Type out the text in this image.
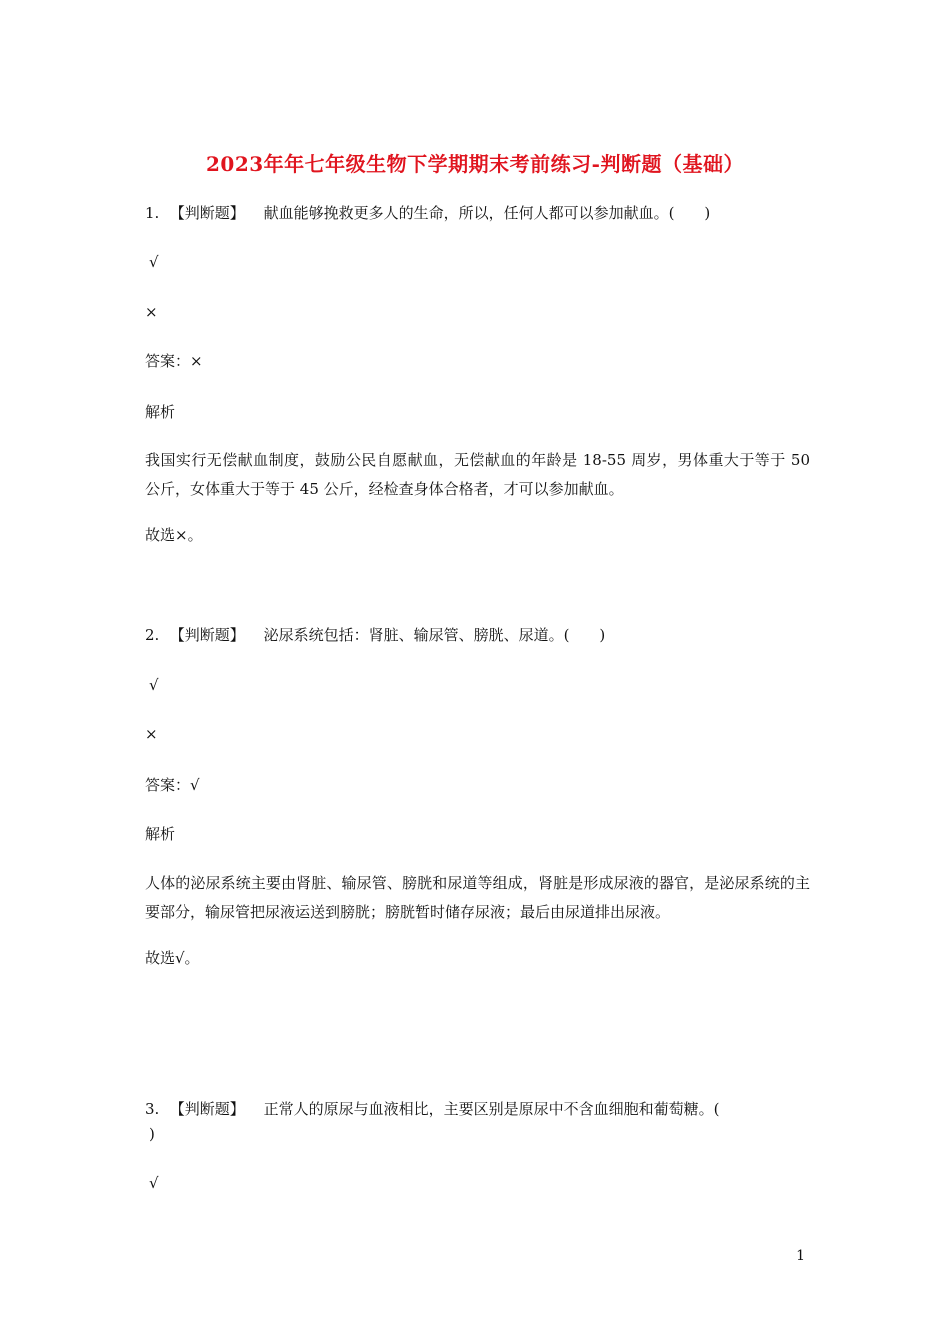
2023年年七年级生物下学期期末考前练习-判断题（基础）
1. 【判断题】 献血能够挽救更多人的生命，所以，任何人都可以参加献血。(　　)
√
×
答案：×
解析
我国实行无偿献血制度，鼓励公民自愿献血，无偿献血的年龄是 18-55 周岁，男体重大于等于 50 公斤，女体重大于等于 45 公斤，经检查身体合格者，才可以参加献血。
故选×。
2. 【判断题】 泌尿系统包括：肾脏、输尿管、膀胱、尿道。(　　)
√
×
答案：√
解析
人体的泌尿系统主要由肾脏、输尿管、膀胱和尿道等组成，肾脏是形成尿液的器官，是泌尿系统的主要部分，输尿管把尿液运送到膀胱；膀胱暂时储存尿液；最后由尿道排出尿液。
故选√。
3. 【判断题】 正常人的原尿与血液相比，主要区别是原尿中不含血细胞和葡萄糖。(
)
√
1
